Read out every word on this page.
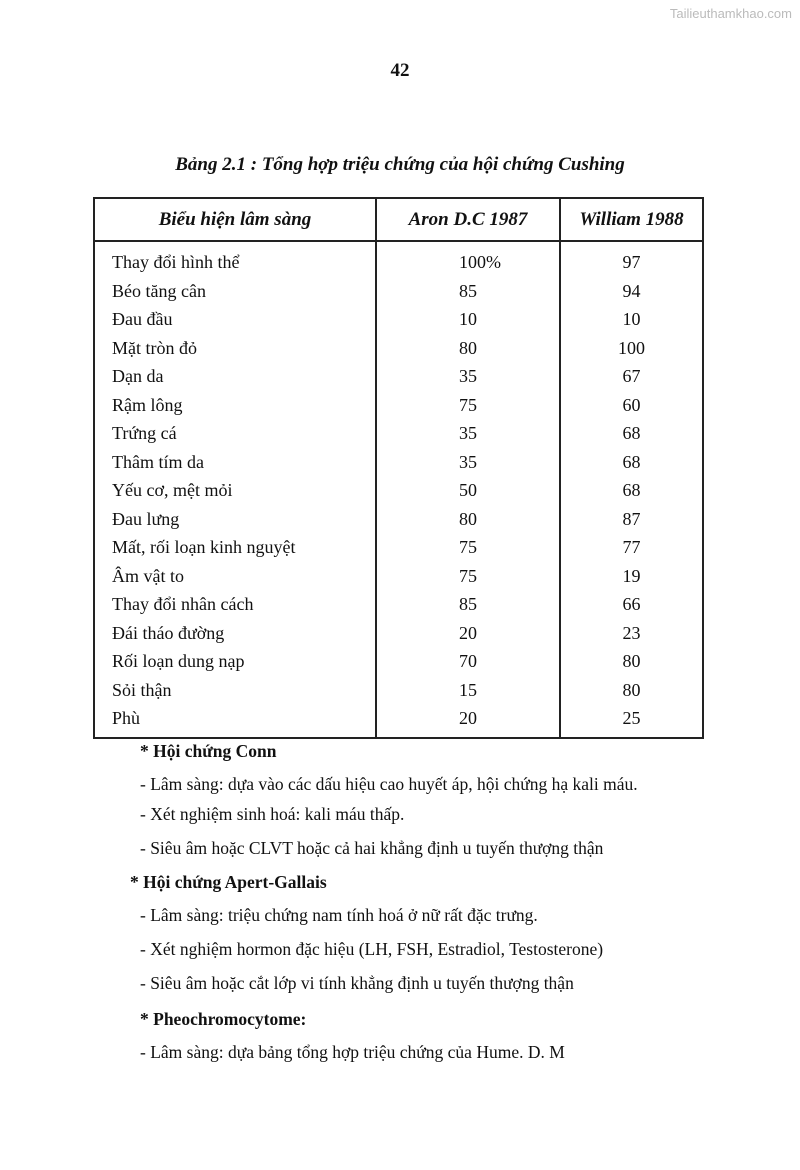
Tailieuthamkhao.com
42
Bảng 2.1 : Tổng hợp triệu chứng của hội chứng Cushing
Biểu hiện lâm sàng	Aron D.C 1987	William 1988
Thay đổi hình thể	100%	97
Béo tăng cân	85	94
Đau đầu	10	10
Mặt tròn đỏ	80	100
Dạn da	35	67
Rậm lông	75	60
Trứng cá	35	68
Thâm tím da	35	68
Yếu cơ, mệt mỏi	50	68
Đau lưng	80	87
Mất, rối loạn kinh nguyệt	75	77
Âm vật to	75	19
Thay đổi nhân cách	85	66
Đái tháo đường	20	23
Rối loạn dung nạp	70	80
Sỏi thận	15	80
Phù	20	25
* Hội chứng Conn
- Lâm sàng: dựa vào các dấu hiệu cao huyết áp, hội chứng hạ kali máu.
- Xét nghiệm sinh hoá: kali máu thấp.
- Siêu âm hoặc CLVT hoặc cả hai khẳng định u tuyến thượng thận
* Hội chứng Apert-Gallais
- Lâm sàng: triệu chứng nam tính hoá ở nữ rất đặc trưng.
- Xét nghiệm hormon đặc hiệu (LH, FSH, Estradiol, Testosterone)
- Siêu âm hoặc cắt lớp vi tính khẳng định u tuyến thượng thận
* Pheochromocytome:
- Lâm sàng: dựa bảng tổng hợp triệu chứng của Hume. D. M
